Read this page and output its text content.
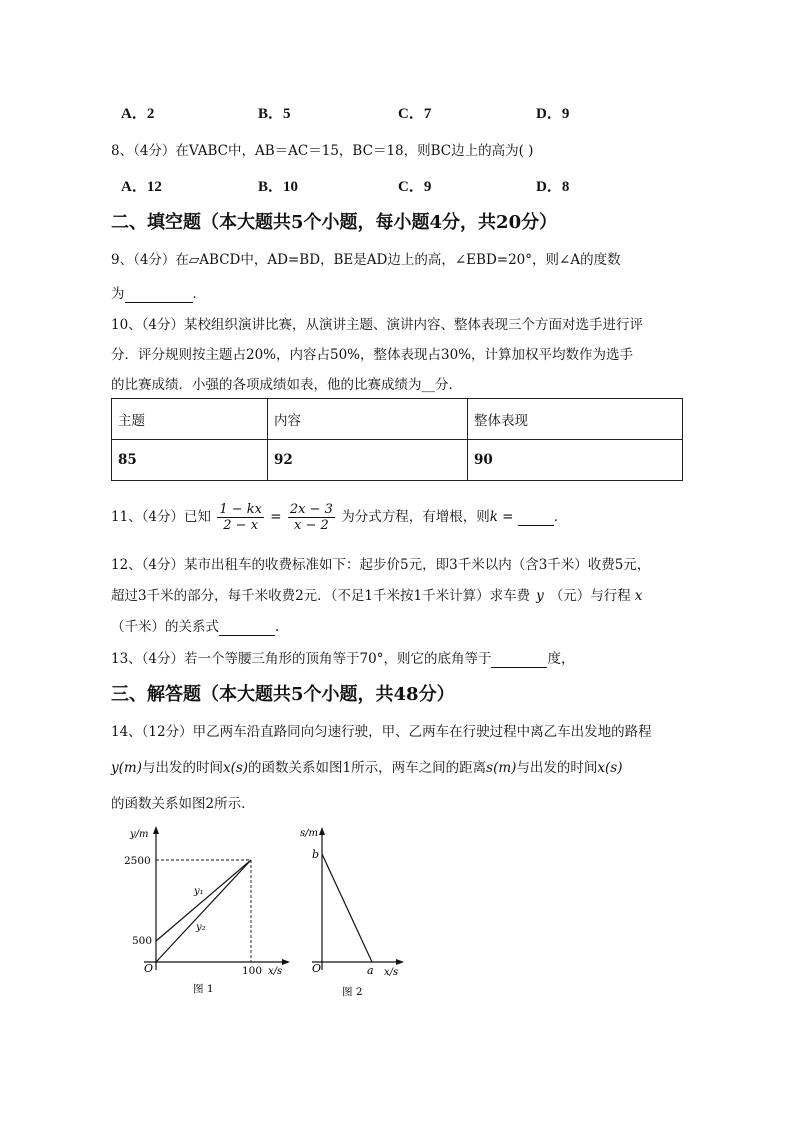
A．2	B．5	C．7	D．9
8、（4分）在VABC中，AB＝AC＝15，BC＝18，则BC边上的高为( )
A．12	B．10	C．9	D．8
二、填空题（本大题共5个小题，每小题4分，共20分）
9、（4分）在▱ABCD中，AD=BD，BE是AD边上的高，∠EBD=20°，则∠A的度数
为	．
10、（4分）某校组织演讲比赛，从演讲主题、演讲内容、整体表现三个方面对选手进行评
分．评分规则按主题占20%，内容占50%，整体表现占30%，计算加权平均数作为选手
的比赛成绩．小强的各项成绩如表，他的比赛成绩为__分．
主题	内容	整体表现
85	92	90
11、（4分）已知 $\frac{1 - kx}{2 - x} = \frac{2x - 3}{x - 2}$ 为分式方程，有增根，则k =	．
12、（4分）某市出租车的收费标准如下：起步价5元，即3千米以内（含3千米）收费5元，
超过3千米的部分，每千米收费2元．（不足1千米按1千米计算）求车费 y （元）与行程 x
（千米）的关系式	．
13、（4分）若一个等腰三角形的顶角等于70°，则它的底角等于	度，
三、解答题（本大题共5个小题，共48分）
14、（12分）甲乙两车沿直路同向匀速行驶，甲、乙两车在行驶过程中离乙车出发地的路程
y(m)与出发的时间x(s)的函数关系如图1所示，两车之间的距离s(m)与出发的时间x(s)
的函数关系如图2所示.
y/m
2500
500
O	100 x/s
y₁
y₂
图 1
s/m
b
O	a x/s
图 2
